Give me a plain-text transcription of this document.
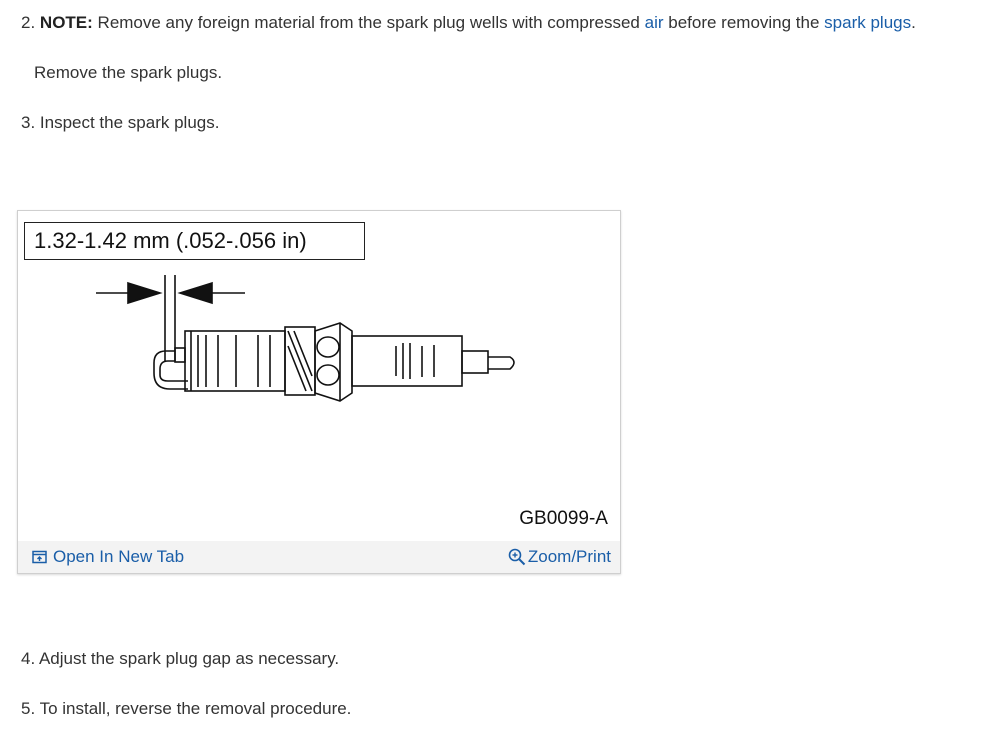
2. NOTE: Remove any foreign material from the spark plug wells with compressed air before removing the spark plugs.
Remove the spark plugs.
3. Inspect the spark plugs.
1.32-1.42 mm (.052-.056 in)
GB0099-A
Open In New Tab	Zoom/Print
4. Adjust the spark plug gap as necessary.
5. To install, reverse the removal procedure.
